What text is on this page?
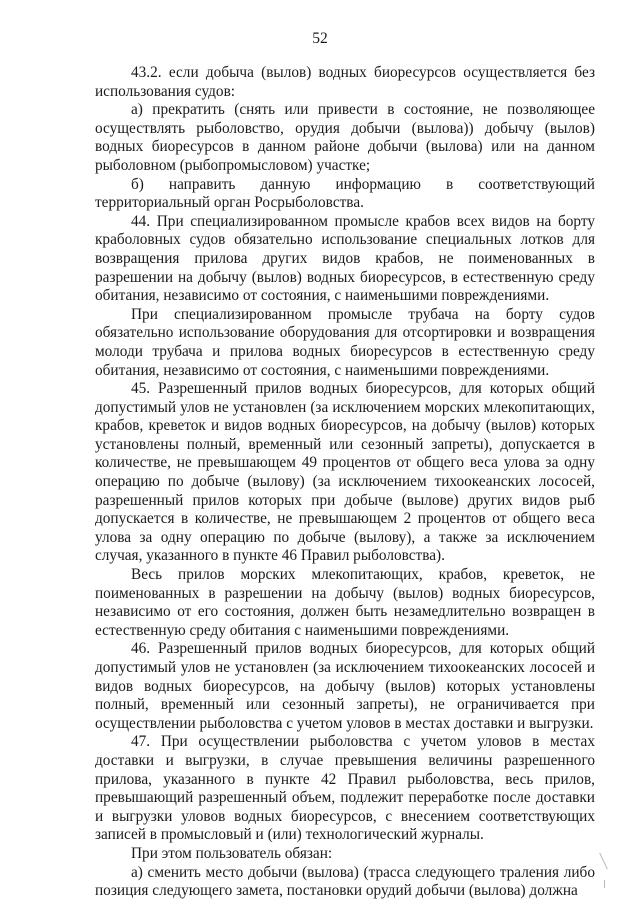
52

43.2. если добыча (вылов) водных биоресурсов осуществляется без использования судов:

а) прекратить (снять или привести в состояние, не позволяющее осуществлять рыболовство, орудия добычи (вылова)) добычу (вылов) водных биоресурсов в данном районе добычи (вылова) или на данном рыболовном (рыбопромысловом) участке;

б) направить данную информацию в соответствующий территориальный орган Росрыболовства.

44. При специализированном промысле крабов всех видов на борту краболовных судов обязательно использование специальных лотков для возвращения прилова других видов крабов, не поименованных в разрешении на добычу (вылов) водных биоресурсов, в естественную среду обитания, независимо от состояния, с наименьшими повреждениями.

При специализированном промысле трубача на борту судов обязательно использование оборудования для отсортировки и возвращения молоди трубача и прилова водных биоресурсов в естественную среду обитания, независимо от состояния, с наименьшими повреждениями.

45. Разрешенный прилов водных биоресурсов, для которых общий допустимый улов не установлен (за исключением морских млекопитающих, крабов, креветок и видов водных биоресурсов, на добычу (вылов) которых установлены полный, временный или сезонный запреты), допускается в количестве, не превышающем 49 процентов от общего веса улова за одну операцию по добыче (вылову) (за исключением тихоокеанских лососей, разрешенный прилов которых при добыче (вылове) других видов рыб допускается в количестве, не превышающем 2 процентов от общего веса улова за одну операцию по добыче (вылову), а также за исключением случая, указанного в пункте 46 Правил рыболовства).

Весь прилов морских млекопитающих, крабов, креветок, не поименованных в разрешении на добычу (вылов) водных биоресурсов, независимо от его состояния, должен быть незамедлительно возвращен в естественную среду обитания с наименьшими повреждениями.

46. Разрешенный прилов водных биоресурсов, для которых общий допустимый улов не установлен (за исключением тихоокеанских лососей и видов водных биоресурсов, на добычу (вылов) которых установлены полный, временный или сезонный запреты), не ограничивается при осуществлении рыболовства с учетом уловов в местах доставки и выгрузки.

47. При осуществлении рыболовства с учетом уловов в местах доставки и выгрузки, в случае превышения величины разрешенного прилова, указанного в пункте 42 Правил рыболовства, весь прилов, превышающий разрешенный объем, подлежит переработке после доставки и выгрузки уловов водных биоресурсов, с внесением соответствующих записей в промысловый и (или) технологический журналы.

При этом пользователь обязан:

а) сменить место добычи (вылова) (трасса следующего траления либо позиция следующего замета, постановки орудий добычи (вылова) должна
